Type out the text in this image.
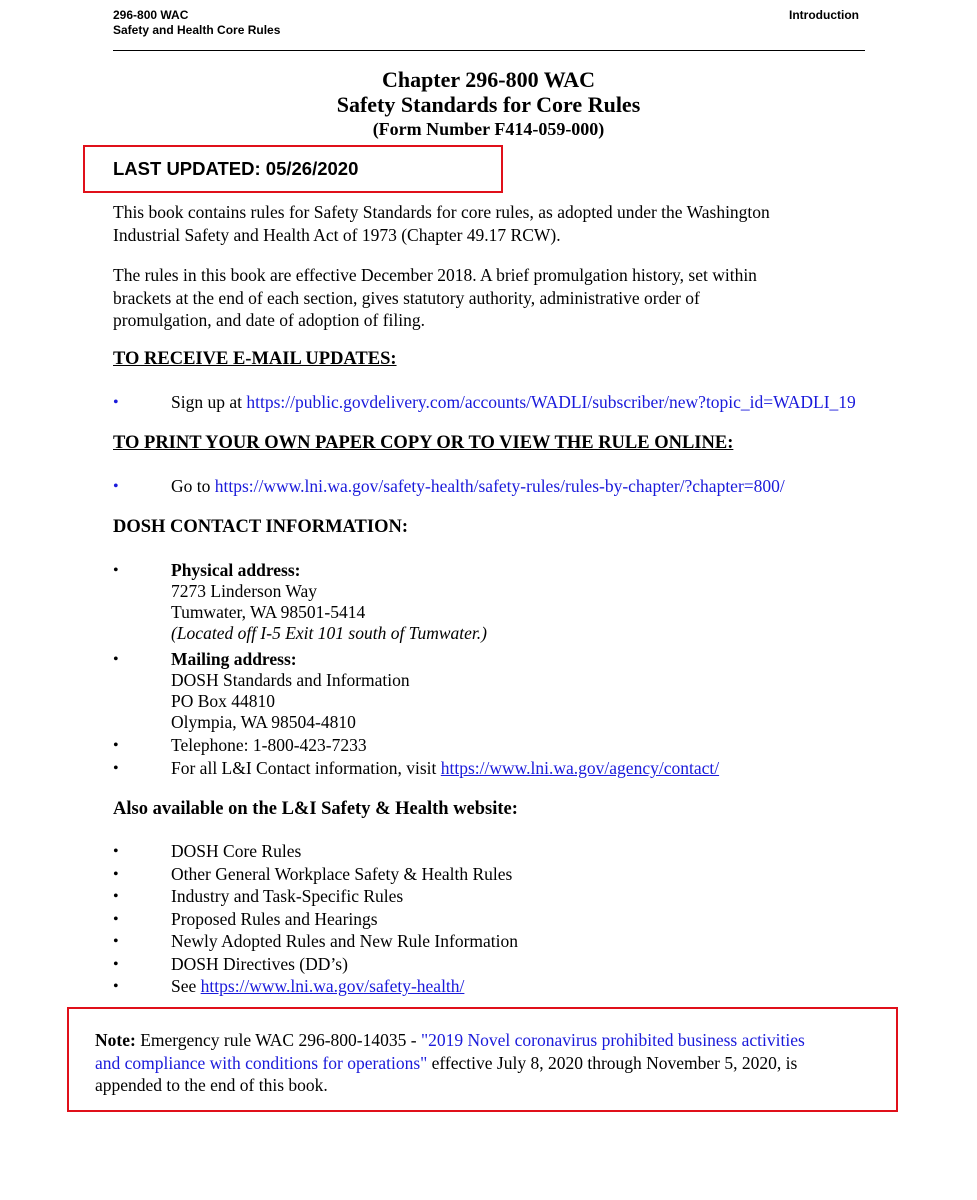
296-800 WAC
Safety and Health Core Rules
Introduction
Chapter 296-800 WAC
Safety Standards for Core Rules
(Form Number F414-059-000)
LAST UPDATED: 05/26/2020

This book contains rules for Safety Standards for core rules, as adopted under the Washington

Industrial Safety and Health Act of 1973 (Chapter 49.17 RCW).

The rules in this book are effective December 2018. A brief promulgation history, set within

brackets at the end of each section, gives statutory authority, administrative order of

promulgation, and date of adoption of filing.

TO RECEIVE E-MAIL UPDATES:
•	Sign up at https://public.govdelivery.com/accounts/WADLI/subscriber/new?topic_id=WADLI_19
TO PRINT YOUR OWN PAPER COPY OR TO VIEW THE RULE ONLINE:
•	Go to https://www.lni.wa.gov/safety-health/safety-rules/rules-by-chapter/?chapter=800/
DOSH CONTACT INFORMATION:
•	Physical address:
7273 Linderson Way
Tumwater, WA 98501-5414
(Located off I-5 Exit 101 south of Tumwater.)
•	Mailing address:
DOSH Standards and Information
PO Box 44810
Olympia, WA 98504-4810
•	Telephone: 1-800-423-7233
•	For all L&I Contact information, visit https://www.lni.wa.gov/agency/contact/
Also available on the L&I Safety & Health website:
•	DOSH Core Rules
•	Other General Workplace Safety & Health Rules
•	Industry and Task-Specific Rules
•	Proposed Rules and Hearings
•	Newly Adopted Rules and New Rule Information
•	DOSH Directives (DD’s)
•	See https://www.lni.wa.gov/safety-health/
Note: Emergency rule WAC 296-800-14035 - "2019 Novel coronavirus prohibited business activities
and compliance with conditions for operations" effective July 8, 2020 through November 5, 2020, is
appended to the end of this book.
